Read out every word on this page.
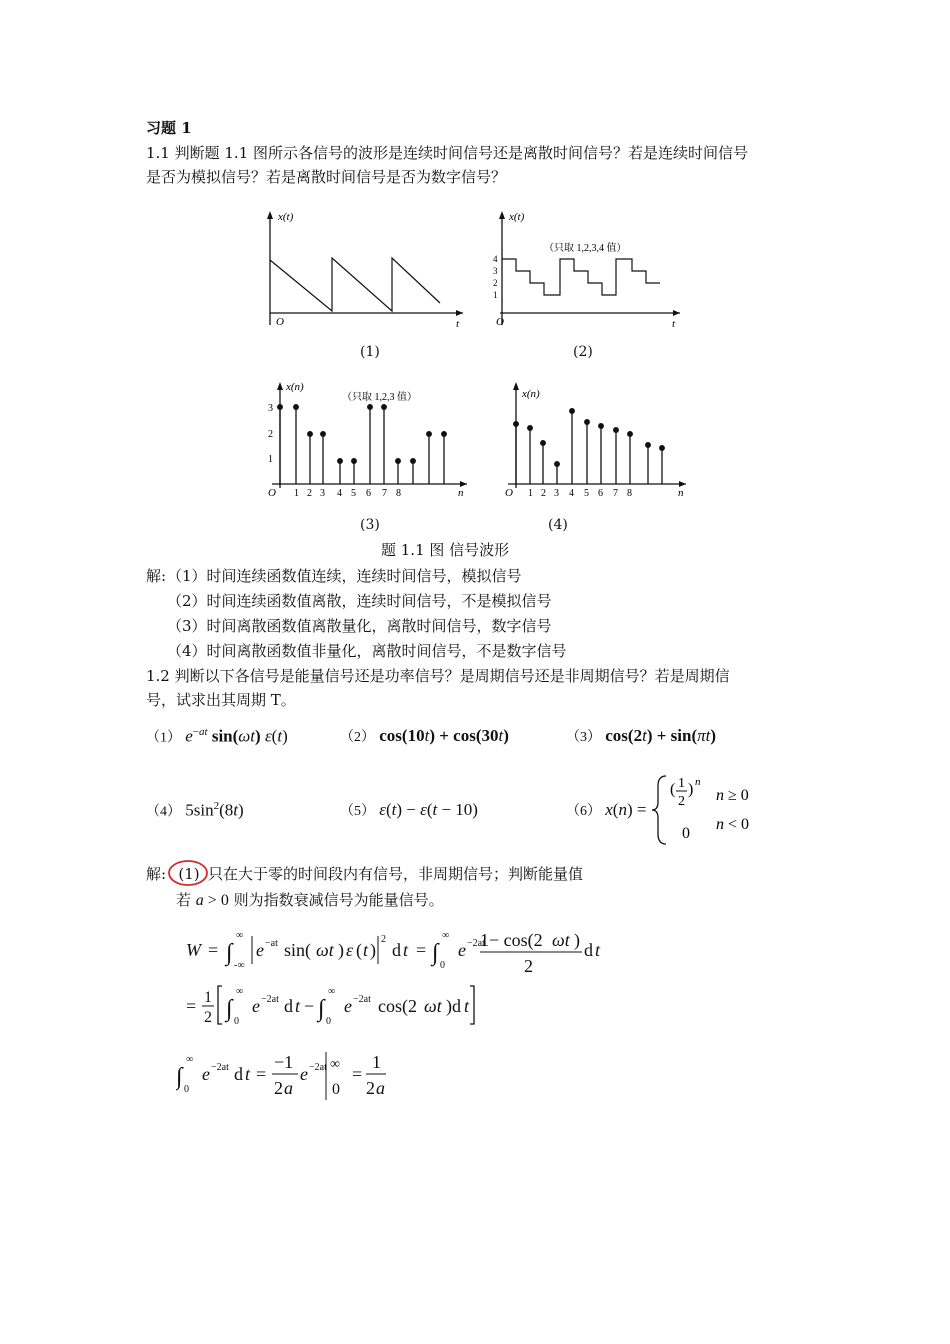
习题 1
1.1 判断题 1.1 图所示各信号的波形是连续时间信号还是离散时间信号？若是连续时间信号
是否为模拟信号？若是离散时间信号是否为数字信号？
x(t)
O	t
(1)
x(t)
（只取 1,2,3,4 值）
4
3
2
1
O	t
(2)
x(n)
（只取 1,2,3 值）
3
2
1
O 1 2 3 4 5 6 7 8	n
(3)
x(n)
O 1 2 3 4 5 6 7 8	n
(4)
题 1.1 图 信号波形
解: （1）时间连续函数值连续，连续时间信号，模拟信号
（2）时间连续函数值离散，连续时间信号，不是模拟信号
（3）时间离散函数值离散量化，离散时间信号，数字信号
（4）时间离散函数值非量化，离散时间信号，不是数字信号
1.2 判断以下各信号是能量信号还是功率信号？是周期信号还是非周期信号？若是周期信
号，试求出其周期 T。
（1） $e^{-at}$ sin(ωt) ε(t)	（2） cos(10t) + cos(30t)	（3） cos(2t) + sin(πt)
（4） $5\sin^2(8t)$	（5） ε(t) − ε(t − 10)	（6） x(n) =
( 1
2
) n
n ≥ 0
0
n < 0
解: (1) 只在大于零的时间段内有信号，非周期信号；判断能量值
若 a > 0 则为指数衰减信号为能量信号。
W = ∫
∞
-∞
e −at sin( ωt ) ε ( t )
2
d t = ∫
∞
0
e −2at
1− cos(2 ωt )
2
d t
= 1
2 ∫
∞
0
e −2at d t − ∫
∞
0
e −2at cos(2 ωt )d t
∫
∞
0
e −2at d t =
−1
2 a
e −2at ∞
0
=
1
2 a
